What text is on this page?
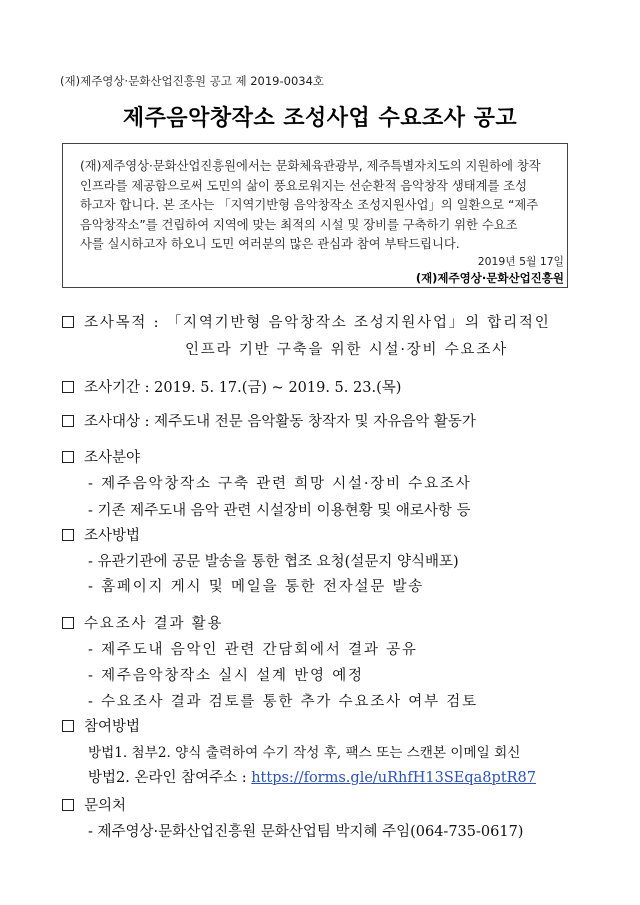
(재)제주영상·문화산업진흥원 공고 제 2019-0034호
제주음악창작소 조성사업 수요조사 공고
(재)제주영상·문화산업진흥원에서는 문화체육관광부, 제주특별자치도의 지원하에 창작
인프라를 제공함으로써 도민의 삶이 풍요로워지는 선순환적 음악창작 생태계를 조성
하고자 합니다. 본 조사는 「지역기반형 음악창작소 조성지원사업」의 일환으로 “제주
음악창작소”를 건립하여 지역에 맞는 최적의 시설 및 장비를 구축하기 위한 수요조
사를 실시하고자 하오니 도민 여러분의 많은 관심과 참여 부탁드립니다.
2019년 5월 17일
(재)제주영상·문화산업진흥원
조사목적 : 「지역기반형 음악창작소 조성지원사업」의 합리적인
인프라 기반 구축을 위한 시설·장비 수요조사
조사기간 : 2019. 5. 17.(금) ~ 2019. 5. 23.(목)
조사대상 : 제주도내 전문 음악활동 창작자 및 자유음악 활동가
조사분야
- 제주음악창작소 구축 관련 희망 시설·장비 수요조사
- 기존 제주도내 음악 관련 시설장비 이용현황 및 애로사항 등
조사방법
- 유관기관에 공문 발송을 통한 협조 요청(설문지 양식배포)
- 홈페이지 게시 및 메일을 통한 전자설문 발송
수요조사 결과 활용
- 제주도내 음악인 관련 간담회에서 결과 공유
- 제주음악창작소 실시 설계 반영 예정
- 수요조사 결과 검토를 통한 추가 수요조사 여부 검토
참여방법
방법1. 첨부2. 양식 출력하여 수기 작성 후, 팩스 또는 스캔본 이메일 회신
방법2. 온라인 참여주소 : https://forms.gle/uRhfH13SEqa8ptR87
문의처
- 제주영상·문화산업진흥원 문화산업팀 박지혜 주임(064-735-0617)
